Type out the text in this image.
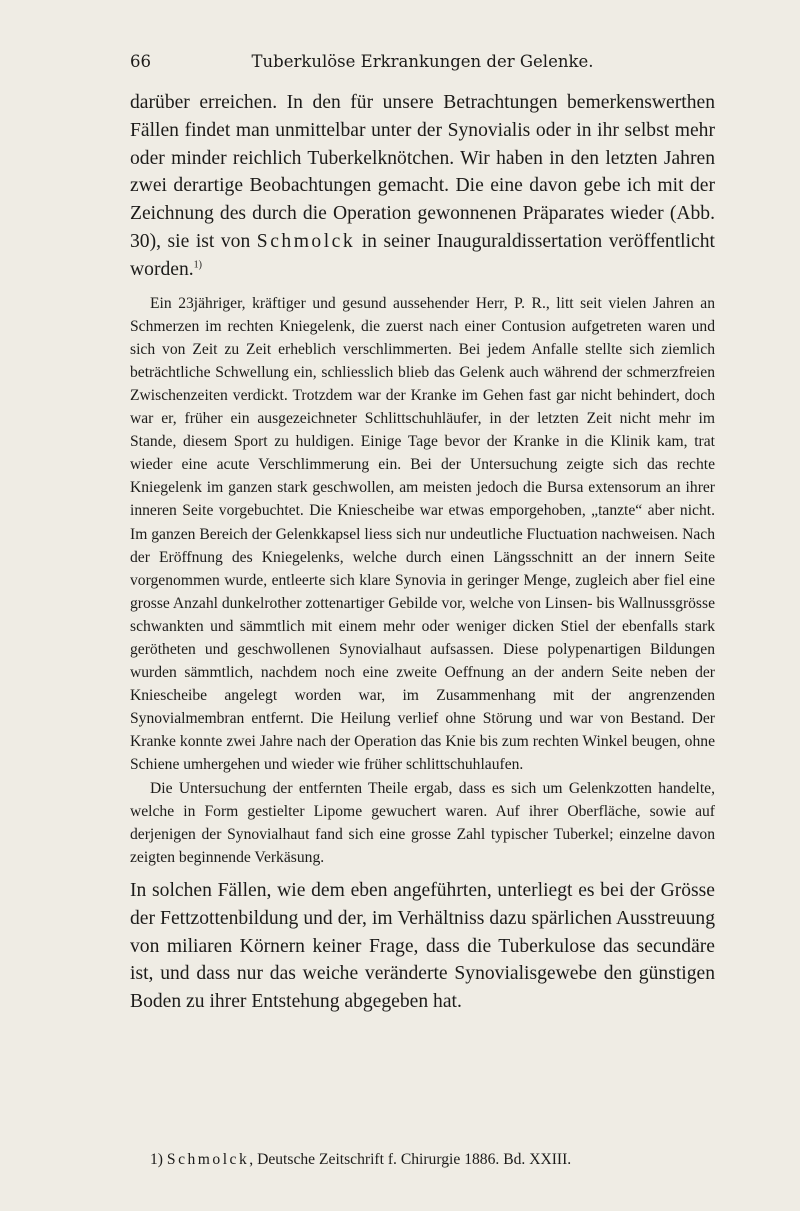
66	Tuberkulöse Erkrankungen der Gelenke.

darüber erreichen. In den für unsere Betrachtungen bemerkenswerthen Fällen findet man unmittelbar unter der Synovialis oder in ihr selbst mehr oder minder reichlich Tuberkelknötchen. Wir haben in den letzten Jahren zwei derartige Beobachtungen gemacht. Die eine davon gebe ich mit der Zeichnung des durch die Operation gewonnenen Präparates wieder (Abb. 30), sie ist von Schmolck in seiner Inauguraldissertation veröffentlicht worden.$^{1)}$

Ein 23jähriger, kräftiger und gesund aussehender Herr, P. R., litt seit vielen Jahren an Schmerzen im rechten Kniegelenk, die zuerst nach einer Contusion aufgetreten waren und sich von Zeit zu Zeit erheblich verschlimmerten. Bei jedem Anfalle stellte sich ziemlich beträchtliche Schwellung ein, schliesslich blieb das Gelenk auch während der schmerzfreien Zwischenzeiten verdickt. Trotzdem war der Kranke im Gehen fast gar nicht behindert, doch war er, früher ein ausgezeichneter Schlittschuhläufer, in der letzten Zeit nicht mehr im Stande, diesem Sport zu huldigen. Einige Tage bevor der Kranke in die Klinik kam, trat wieder eine acute Verschlimmerung ein. Bei der Untersuchung zeigte sich das rechte Kniegelenk im ganzen stark geschwollen, am meisten jedoch die Bursa extensorum an ihrer inneren Seite vorgebuchtet. Die Kniescheibe war etwas emporgehoben, „tanzte“ aber nicht. Im ganzen Bereich der Gelenkkapsel liess sich nur undeutliche Fluctuation nachweisen. Nach der Eröffnung des Kniegelenks, welche durch einen Längsschnitt an der innern Seite vorgenommen wurde, entleerte sich klare Synovia in geringer Menge, zugleich aber fiel eine grosse Anzahl dunkelrother zottenartiger Gebilde vor, welche von Linsen- bis Wallnussgrösse schwankten und sämmtlich mit einem mehr oder weniger dicken Stiel der ebenfalls stark gerötheten und geschwollenen Synovialhaut aufsassen. Diese polypenartigen Bildungen wurden sämmtlich, nachdem noch eine zweite Oeffnung an der andern Seite neben der Kniescheibe angelegt worden war, im Zusammenhang mit der angrenzenden Synovialmembran entfernt. Die Heilung verlief ohne Störung und war von Bestand. Der Kranke konnte zwei Jahre nach der Operation das Knie bis zum rechten Winkel beugen, ohne Schiene umhergehen und wieder wie früher schlittschuhlaufen.

Die Untersuchung der entfernten Theile ergab, dass es sich um Gelenkzotten handelte, welche in Form gestielter Lipome gewuchert waren. Auf ihrer Oberfläche, sowie auf derjenigen der Synovialhaut fand sich eine grosse Zahl typischer Tuberkel; einzelne davon zeigten beginnende Verkäsung.

In solchen Fällen, wie dem eben angeführten, unterliegt es bei der Grösse der Fettzottenbildung und der, im Verhältniss dazu spärlichen Ausstreuung von miliaren Körnern keiner Frage, dass die Tuberkulose das secundäre ist, und dass nur das weiche veränderte Synovialisgewebe den günstigen Boden zu ihrer Entstehung abgegeben hat.

1) Schmolck, Deutsche Zeitschrift f. Chirurgie 1886. Bd. XXIII.
